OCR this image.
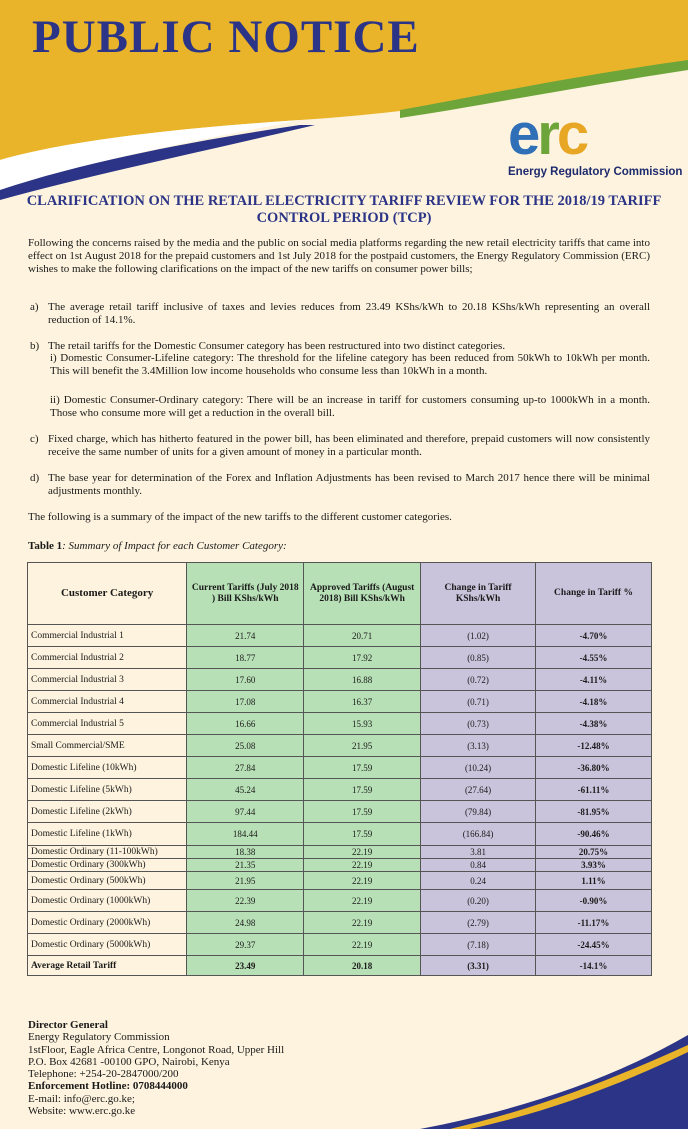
PUBLIC NOTICE
erc
Energy Regulatory Commission
CLARIFICATION ON THE RETAIL ELECTRICITY TARIFF REVIEW FOR THE 2018/19 TARIFF CONTROL PERIOD (TCP)
Following the concerns raised by the media and the public on social media platforms regarding the new retail electricity tariffs that came into effect on 1st August 2018 for the prepaid customers and 1st July 2018 for the postpaid customers, the Energy Regulatory Commission (ERC) wishes to make the following clarifications on the impact of the new tariffs on consumer power bills;
a) The average retail tariff inclusive of taxes and levies reduces from 23.49 KShs/kWh to 20.18 KShs/kWh representing an overall reduction of 14.1%.
b) The retail tariffs for the Domestic Consumer category has been restructured into two distinct categories.
i) Domestic Consumer-Lifeline category: The threshold for the lifeline category has been reduced from 50kWh to 10kWh per month. This will benefit the 3.4Million low income households who consume less than 10kWh in a month.
ii) Domestic Consumer-Ordinary category: There will be an increase in tariff for customers consuming up-to 1000kWh in a month. Those who consume more will get a reduction in the overall bill.
c) Fixed charge, which has hitherto featured in the power bill, has been eliminated and therefore, prepaid customers will now consistently receive the same number of units for a given amount of money in a particular month.
d) The base year for determination of the Forex and Inflation Adjustments has been revised to March 2017 hence there will be minimal adjustments monthly.
The following is a summary of the impact of the new tariffs to the different customer categories.
Table 1: Summary of Impact for each Customer Category:
Customer Category	Current Tariffs (July 2018 ) Bill KShs/kWh	Approved Tariffs (August 2018) Bill KShs/kWh	Change in Tariff KShs/kWh	Change in Tariff %
Commercial Industrial 1	21.74	20.71	(1.02)	-4.70%
Commercial Industrial 2	18.77	17.92	(0.85)	-4.55%
Commercial Industrial 3	17.60	16.88	(0.72)	-4.11%
Commercial Industrial 4	17.08	16.37	(0.71)	-4.18%
Commercial Industrial 5	16.66	15.93	(0.73)	-4.38%
Small Commercial/SME	25.08	21.95	(3.13)	-12.48%
Domestic Lifeline (10kWh)	27.84	17.59	(10.24)	-36.80%
Domestic Lifeline (5kWh)	45.24	17.59	(27.64)	-61.11%
Domestic Lifeline (2kWh)	97.44	17.59	(79.84)	-81.95%
Domestic Lifeline (1kWh)	184.44	17.59	(166.84)	-90.46%
Domestic Ordinary (11-100kWh)	18.38	22.19	3.81	20.75%
Domestic Ordinary (300kWh)	21.35	22.19	0.84	3.93%
Domestic Ordinary (500kWh)	21.95	22.19	0.24	1.11%
Domestic Ordinary (1000kWh)	22.39	22.19	(0.20)	-0.90%
Domestic Ordinary (2000kWh)	24.98	22.19	(2.79)	-11.17%
Domestic Ordinary (5000kWh)	29.37	22.19	(7.18)	-24.45%
Average Retail Tariff	23.49	20.18	(3.31)	-14.1%
Director General
Energy Regulatory Commission
1stFloor, Eagle Africa Centre, Longonot Road, Upper Hill
P.O. Box 42681 -00100 GPO, Nairobi, Kenya
Telephone: +254-20-2847000/200
Enforcement Hotline: 0708444000
E-mail: info@erc.go.ke;
Website: www.erc.go.ke
